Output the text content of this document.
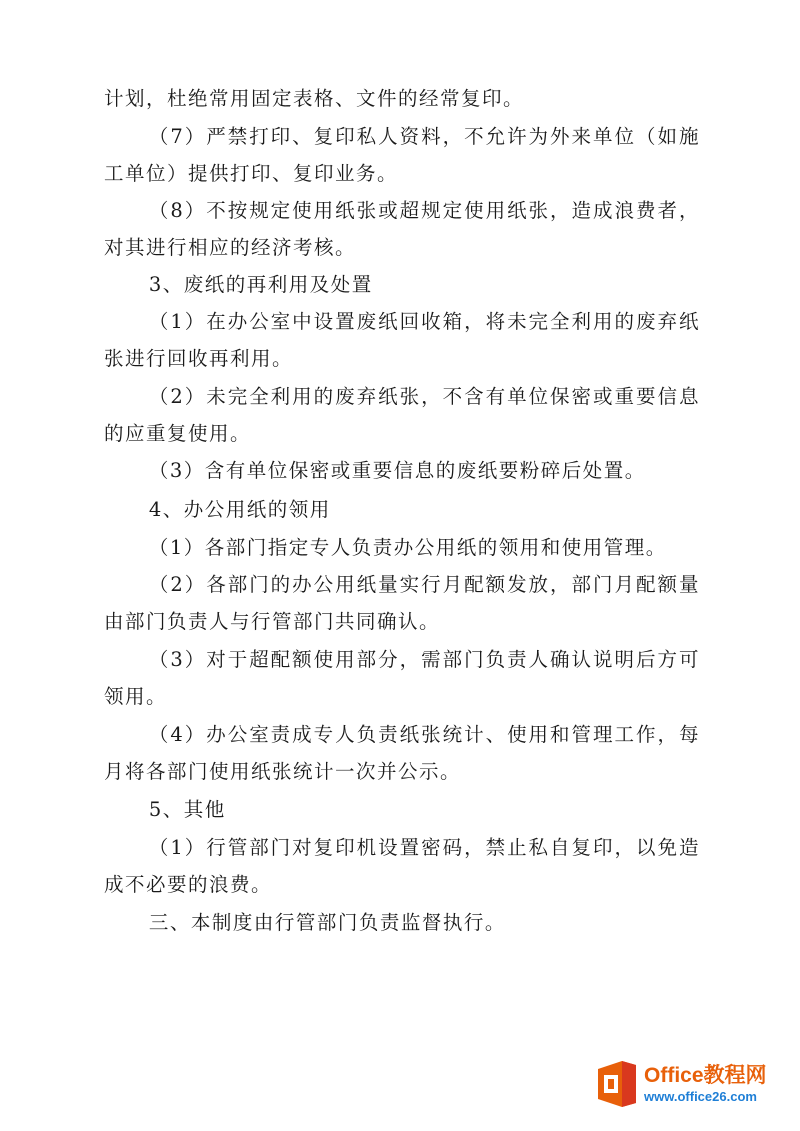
计划，杜绝常用固定表格、文件的经常复印。

（7）严禁打印、复印私人资料，不允许为外来单位（如施工单位）提供打印、复印业务。

（8）不按规定使用纸张或超规定使用纸张，造成浪费者，对其进行相应的经济考核。

3、废纸的再利用及处置

（1）在办公室中设置废纸回收箱，将未完全利用的废弃纸张进行回收再利用。

（2）未完全利用的废弃纸张，不含有单位保密或重要信息的应重复使用。

（3）含有单位保密或重要信息的废纸要粉碎后处置。

4、办公用纸的领用

（1）各部门指定专人负责办公用纸的领用和使用管理。

（2）各部门的办公用纸量实行月配额发放，部门月配额量由部门负责人与行管部门共同确认。

（3）对于超配额使用部分，需部门负责人确认说明后方可领用。

（4）办公室责成专人负责纸张统计、使用和管理工作，每月将各部门使用纸张统计一次并公示。

5、其他

（1）行管部门对复印机设置密码，禁止私自复印，以免造成不必要的浪费。

三、本制度由行管部门负责监督执行。

Office教程网
www.office26.com
